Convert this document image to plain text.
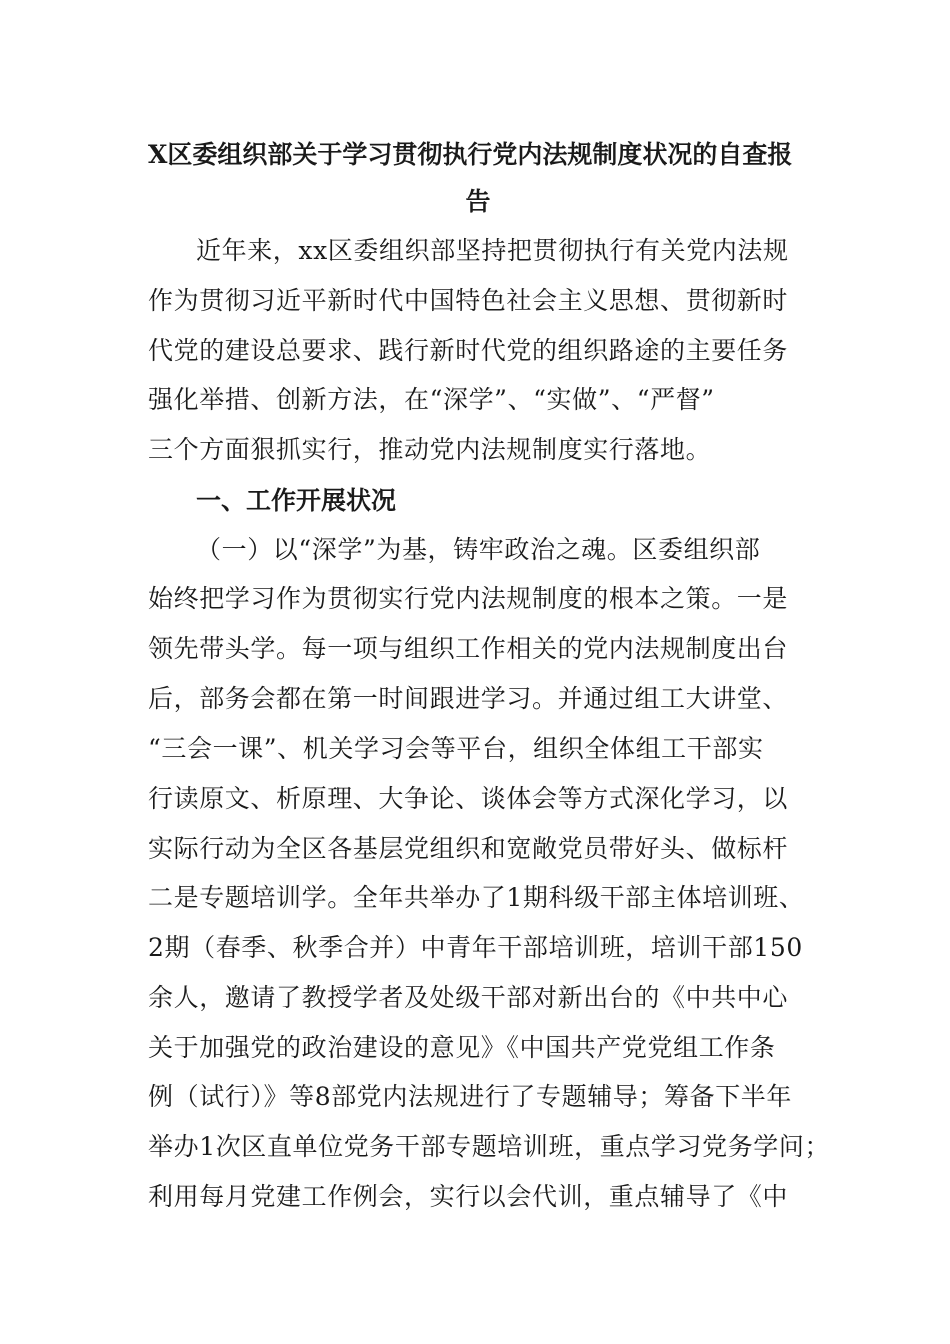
X区委组织部关于学习贯彻执行党内法规制度状况的自查报
告
近年来，xx区委组织部坚持把贯彻执行有关党内法规
作为贯彻习近平新时代中国特色社会主义思想、贯彻新时
代党的建设总要求、践行新时代党的组织路途的主要任务
强化举措、创新方法，在“深学”、“实做”、“严督”
三个方面狠抓实行，推动党内法规制度实行落地。
一、工作开展状况
（一）以“深学”为基，铸牢政治之魂。区委组织部
始终把学习作为贯彻实行党内法规制度的根本之策。一是
领先带头学。每一项与组织工作相关的党内法规制度出台
后，部务会都在第一时间跟进学习。并通过组工大讲堂、
“三会一课”、机关学习会等平台，组织全体组工干部实
行读原文、析原理、大争论、谈体会等方式深化学习，以
实际行动为全区各基层党组织和宽敞党员带好头、做标杆
二是专题培训学。全年共举办了1期科级干部主体培训班、
2期（春季、秋季合并）中青年干部培训班，培训干部150
余人，邀请了教授学者及处级干部对新出台的《中共中心
关于加强党的政治建设的意见》《中国共产党党组工作条
例（试行）》等8部党内法规进行了专题辅导；筹备下半年
举办1次区直单位党务干部专题培训班，重点学习党务学问；
利用每月党建工作例会，实行以会代训，重点辅导了《中
